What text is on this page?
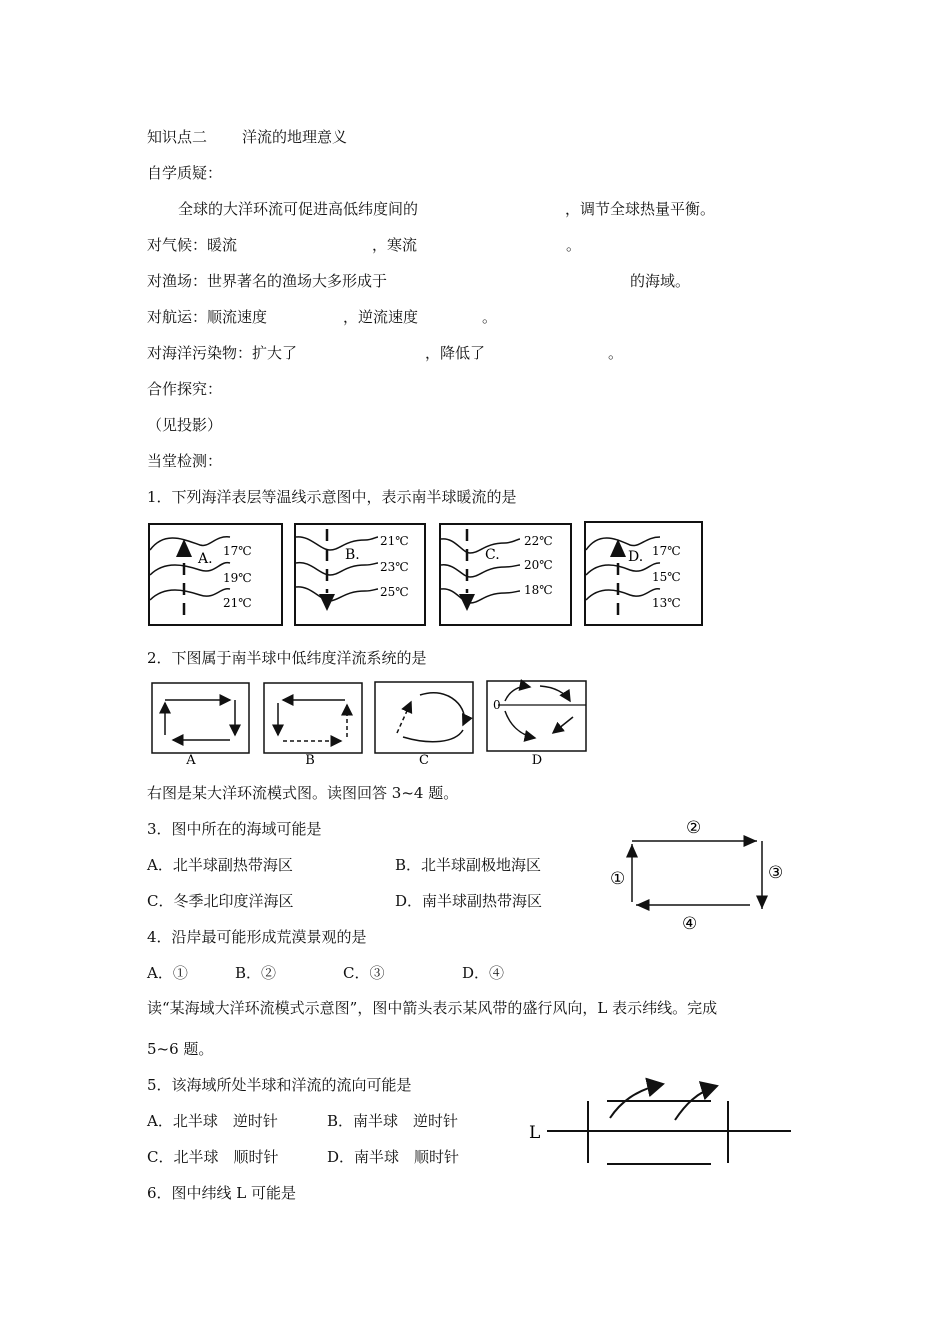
知识点二 洋流的地理意义
自学质疑：
全球的大洋环流可促进高低纬度间的	，调节全球热量平衡。
对气候：暖流	，寒流	。
对渔场：世界著名的渔场大多形成于	的海域。
对航运：顺流速度	，逆流速度	。
对海洋污染物：扩大了	，降低了	。
合作探究：
（见投影）
当堂检测：
1．下列海洋表层等温线示意图中，表示南半球暖流的是
A. 17℃
19℃
21℃
B.
21℃
23℃
25℃
C.
22℃
20℃
18℃
D. 17℃
15℃
13℃
2．下图属于南半球中低纬度洋流系统的是
A	B	C
0
D
右图是某大洋环流模式图。读图回答 3~4 题。
3．图中所在的海域可能是
A．北半球副热带海区	B．北半球副极地海区
C．冬季北印度洋海区	D．南半球副热带海区
①
②
③
④
4．沿岸最可能形成荒漠景观的是
A．①	B．②	C．③	D．④
读“某海域大洋环流模式示意图”，图中箭头表示某风带的盛行风向，L 表示纬线。完成
5~6 题。
5．该海域所处半球和洋流的流向可能是
A．北半球　逆时针	B．南半球　逆时针
C．北半球　顺时针	D．南半球　顺时针
L
6．图中纬线 L 可能是
